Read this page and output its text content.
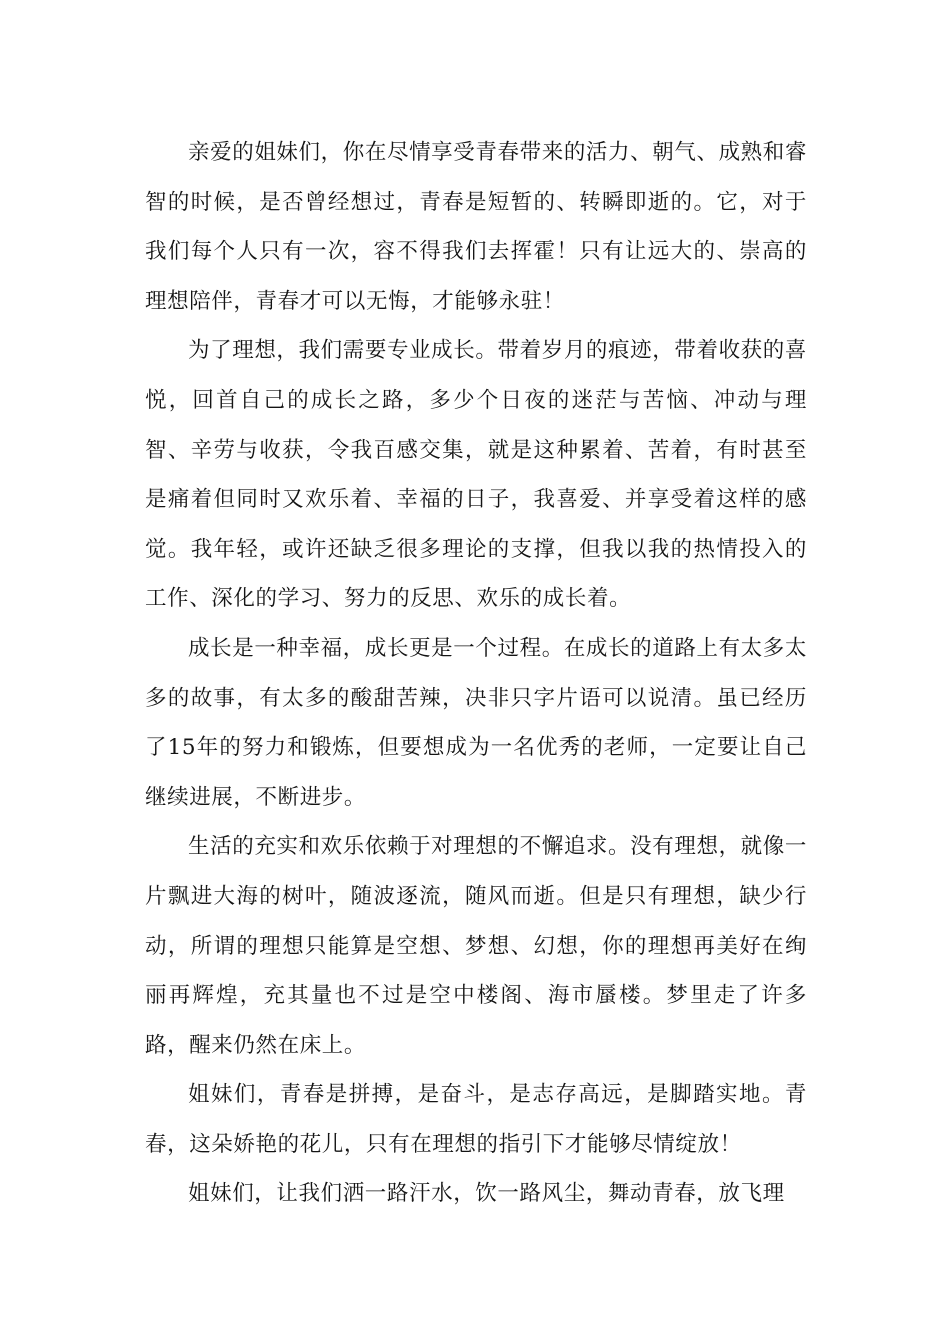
亲爱的姐妹们，你在尽情享受青春带来的活力、朝气、成熟和睿智的时候，是否曾经想过，青春是短暂的、转瞬即逝的。它，对于我们每个人只有一次，容不得我们去挥霍！只有让远大的、崇高的理想陪伴，青春才可以无悔，才能够永驻！

为了理想，我们需要专业成长。带着岁月的痕迹，带着收获的喜悦，回首自己的成长之路，多少个日夜的迷茫与苦恼、冲动与理智、辛劳与收获，令我百感交集，就是这种累着、苦着，有时甚至是痛着但同时又欢乐着、幸福的日子，我喜爱、并享受着这样的感觉。我年轻，或许还缺乏很多理论的支撑，但我以我的热情投入的工作、深化的学习、努力的反思、欢乐的成长着。

成长是一种幸福，成长更是一个过程。在成长的道路上有太多太多的故事，有太多的酸甜苦辣，决非只字片语可以说清。虽已经历了15年的努力和锻炼，但要想成为一名优秀的老师，一定要让自己继续进展，不断进步。

生活的充实和欢乐依赖于对理想的不懈追求。没有理想，就像一片飘进大海的树叶，随波逐流，随风而逝。但是只有理想，缺少行动，所谓的理想只能算是空想、梦想、幻想，你的理想再美好在绚丽再辉煌，充其量也不过是空中楼阁、海市蜃楼。梦里走了许多路，醒来仍然在床上。

姐妹们，青春是拼搏，是奋斗，是志存高远，是脚踏实地。青春，这朵娇艳的花儿，只有在理想的指引下才能够尽情绽放！

姐妹们，让我们洒一路汗水，饮一路风尘，舞动青春，放飞理
